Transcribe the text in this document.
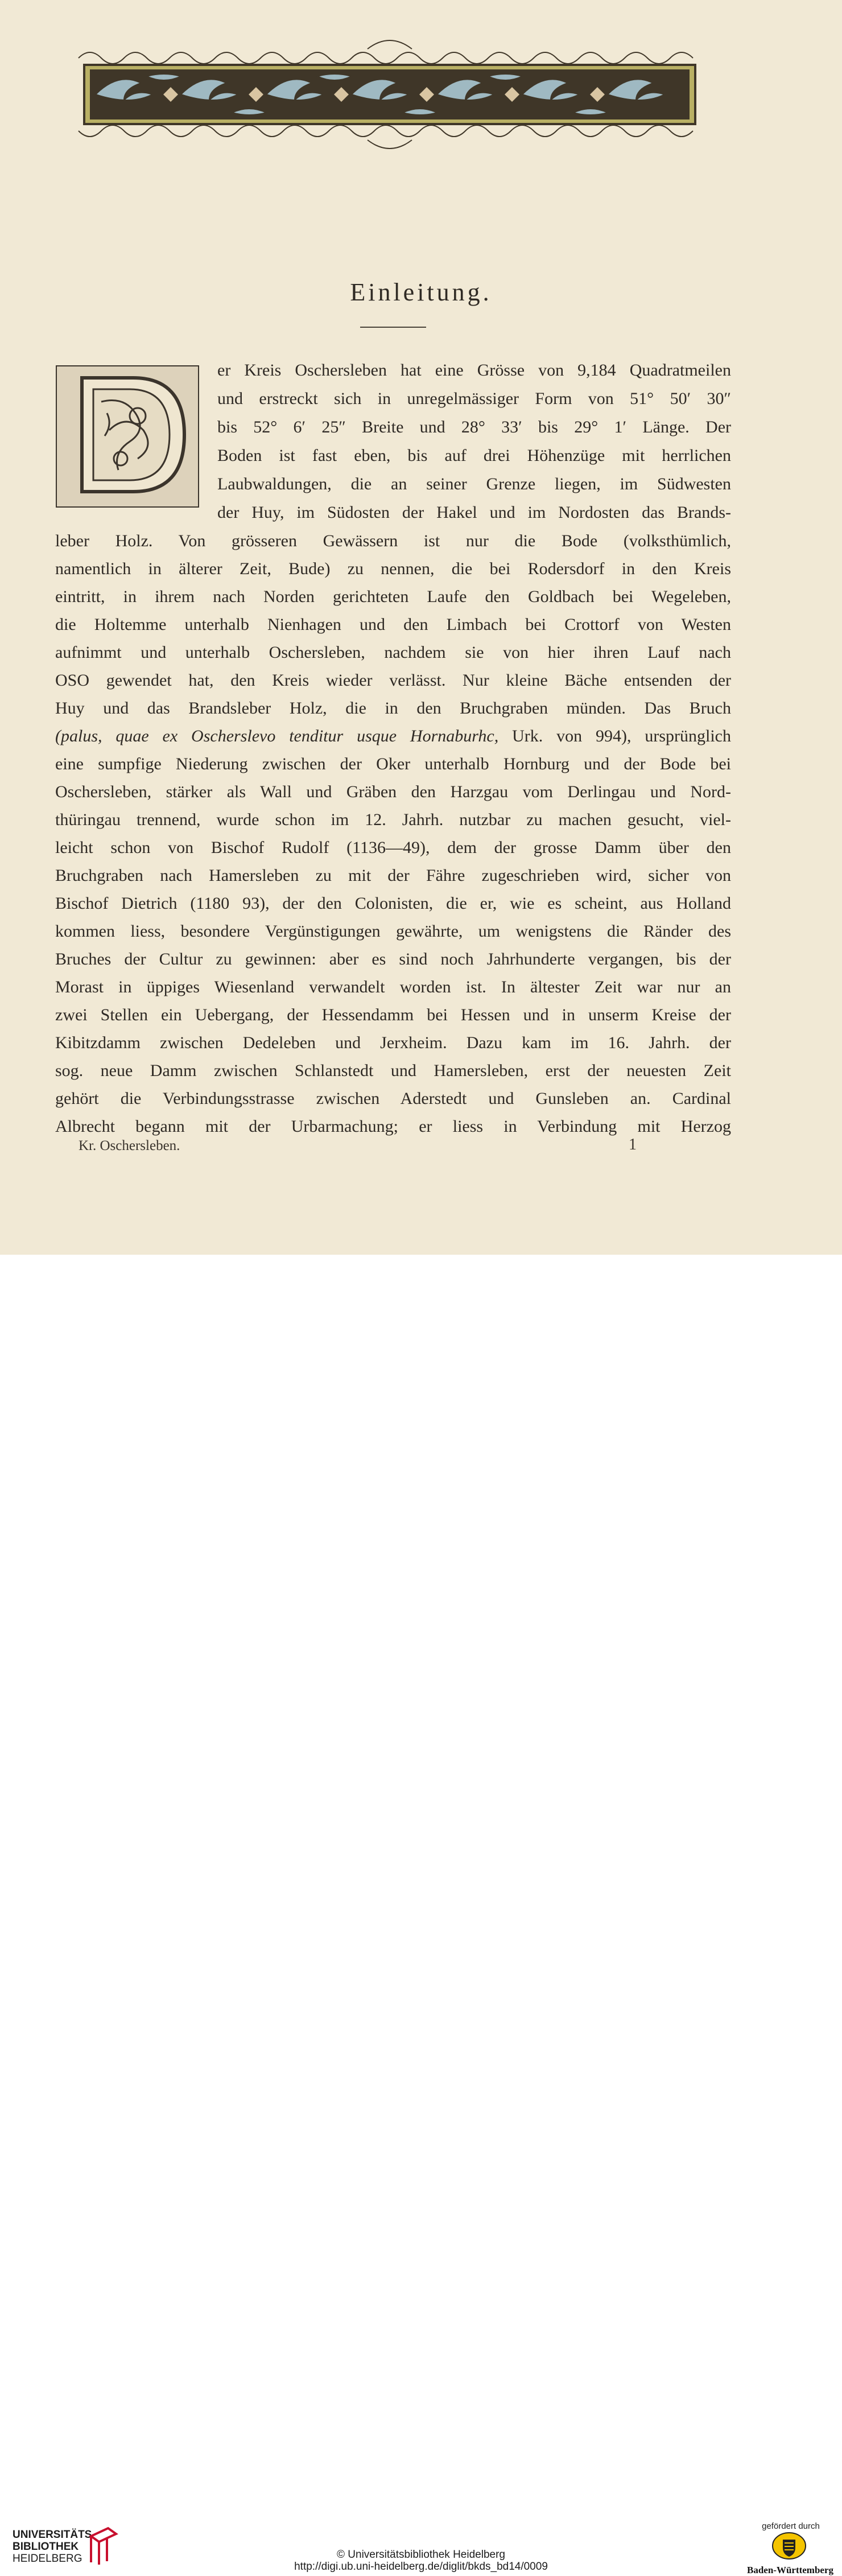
Einleitung.
er Kreis Oschersleben hat eine Grösse von 9,184 Quadratmeilen
und erstreckt sich in unregelmässiger Form von 51° 50′ 30″
bis 52° 6′ 25″ Breite und 28° 33′ bis 29° 1′ Länge. Der
Boden ist fast eben, bis auf drei Höhenzüge mit herrlichen
Laubwaldungen, die an seiner Grenze liegen, im Südwesten
der Huy, im Südosten der Hakel und im Nordosten das Brands-
leber Holz. Von grösseren Gewässern ist nur die Bode (volksthümlich,
namentlich in älterer Zeit, Bude) zu nennen, die bei Rodersdorf in den Kreis
eintritt, in ihrem nach Norden gerichteten Laufe den Goldbach bei Wegeleben,
die Holtemme unterhalb Nienhagen und den Limbach bei Crottorf von Westen
aufnimmt und unterhalb Oschersleben, nachdem sie von hier ihren Lauf nach
OSO gewendet hat, den Kreis wieder verlässt. Nur kleine Bäche entsenden der
Huy und das Brandsleber Holz, die in den Bruchgraben münden. Das Bruch
(palus, quae ex Oscherslevo tenditur usque Hornaburhc, Urk. von 994), ursprünglich
eine sumpfige Niederung zwischen der Oker unterhalb Hornburg und der Bode bei
Oschersleben, stärker als Wall und Gräben den Harzgau vom Derlingau und Nord-
thüringau trennend, wurde schon im 12. Jahrh. nutzbar zu machen gesucht, viel-
leicht schon von Bischof Rudolf (1136—49), dem der grosse Damm über den
Bruchgraben nach Hamersleben zu mit der Fähre zugeschrieben wird, sicher von
Bischof Dietrich (1180 93), der den Colonisten, die er, wie es scheint, aus Holland
kommen liess, besondere Vergünstigungen gewährte, um wenigstens die Ränder des
Bruches der Cultur zu gewinnen: aber es sind noch Jahrhunderte vergangen, bis der
Morast in üppiges Wiesenland verwandelt worden ist. In ältester Zeit war nur an
zwei Stellen ein Uebergang, der Hessendamm bei Hessen und in unserm Kreise der
Kibitzdamm zwischen Dedeleben und Jerxheim. Dazu kam im 16. Jahrh. der
sog. neue Damm zwischen Schlanstedt und Hamersleben, erst der neuesten Zeit
gehört die Verbindungsstrasse zwischen Aderstedt und Gunsleben an. Cardinal
Albrecht begann mit der Urbarmachung; er liess in Verbindung mit Herzog
Kr. Oschersleben.	1
UNIVERSITÄTS-
BIBLIOTHEK
HEIDELBERG	© Universitätsbibliothek Heidelberg
http://digi.ub.uni-heidelberg.de/diglit/bkds_bd14/0009
gefördert durch
Baden-Württemberg
